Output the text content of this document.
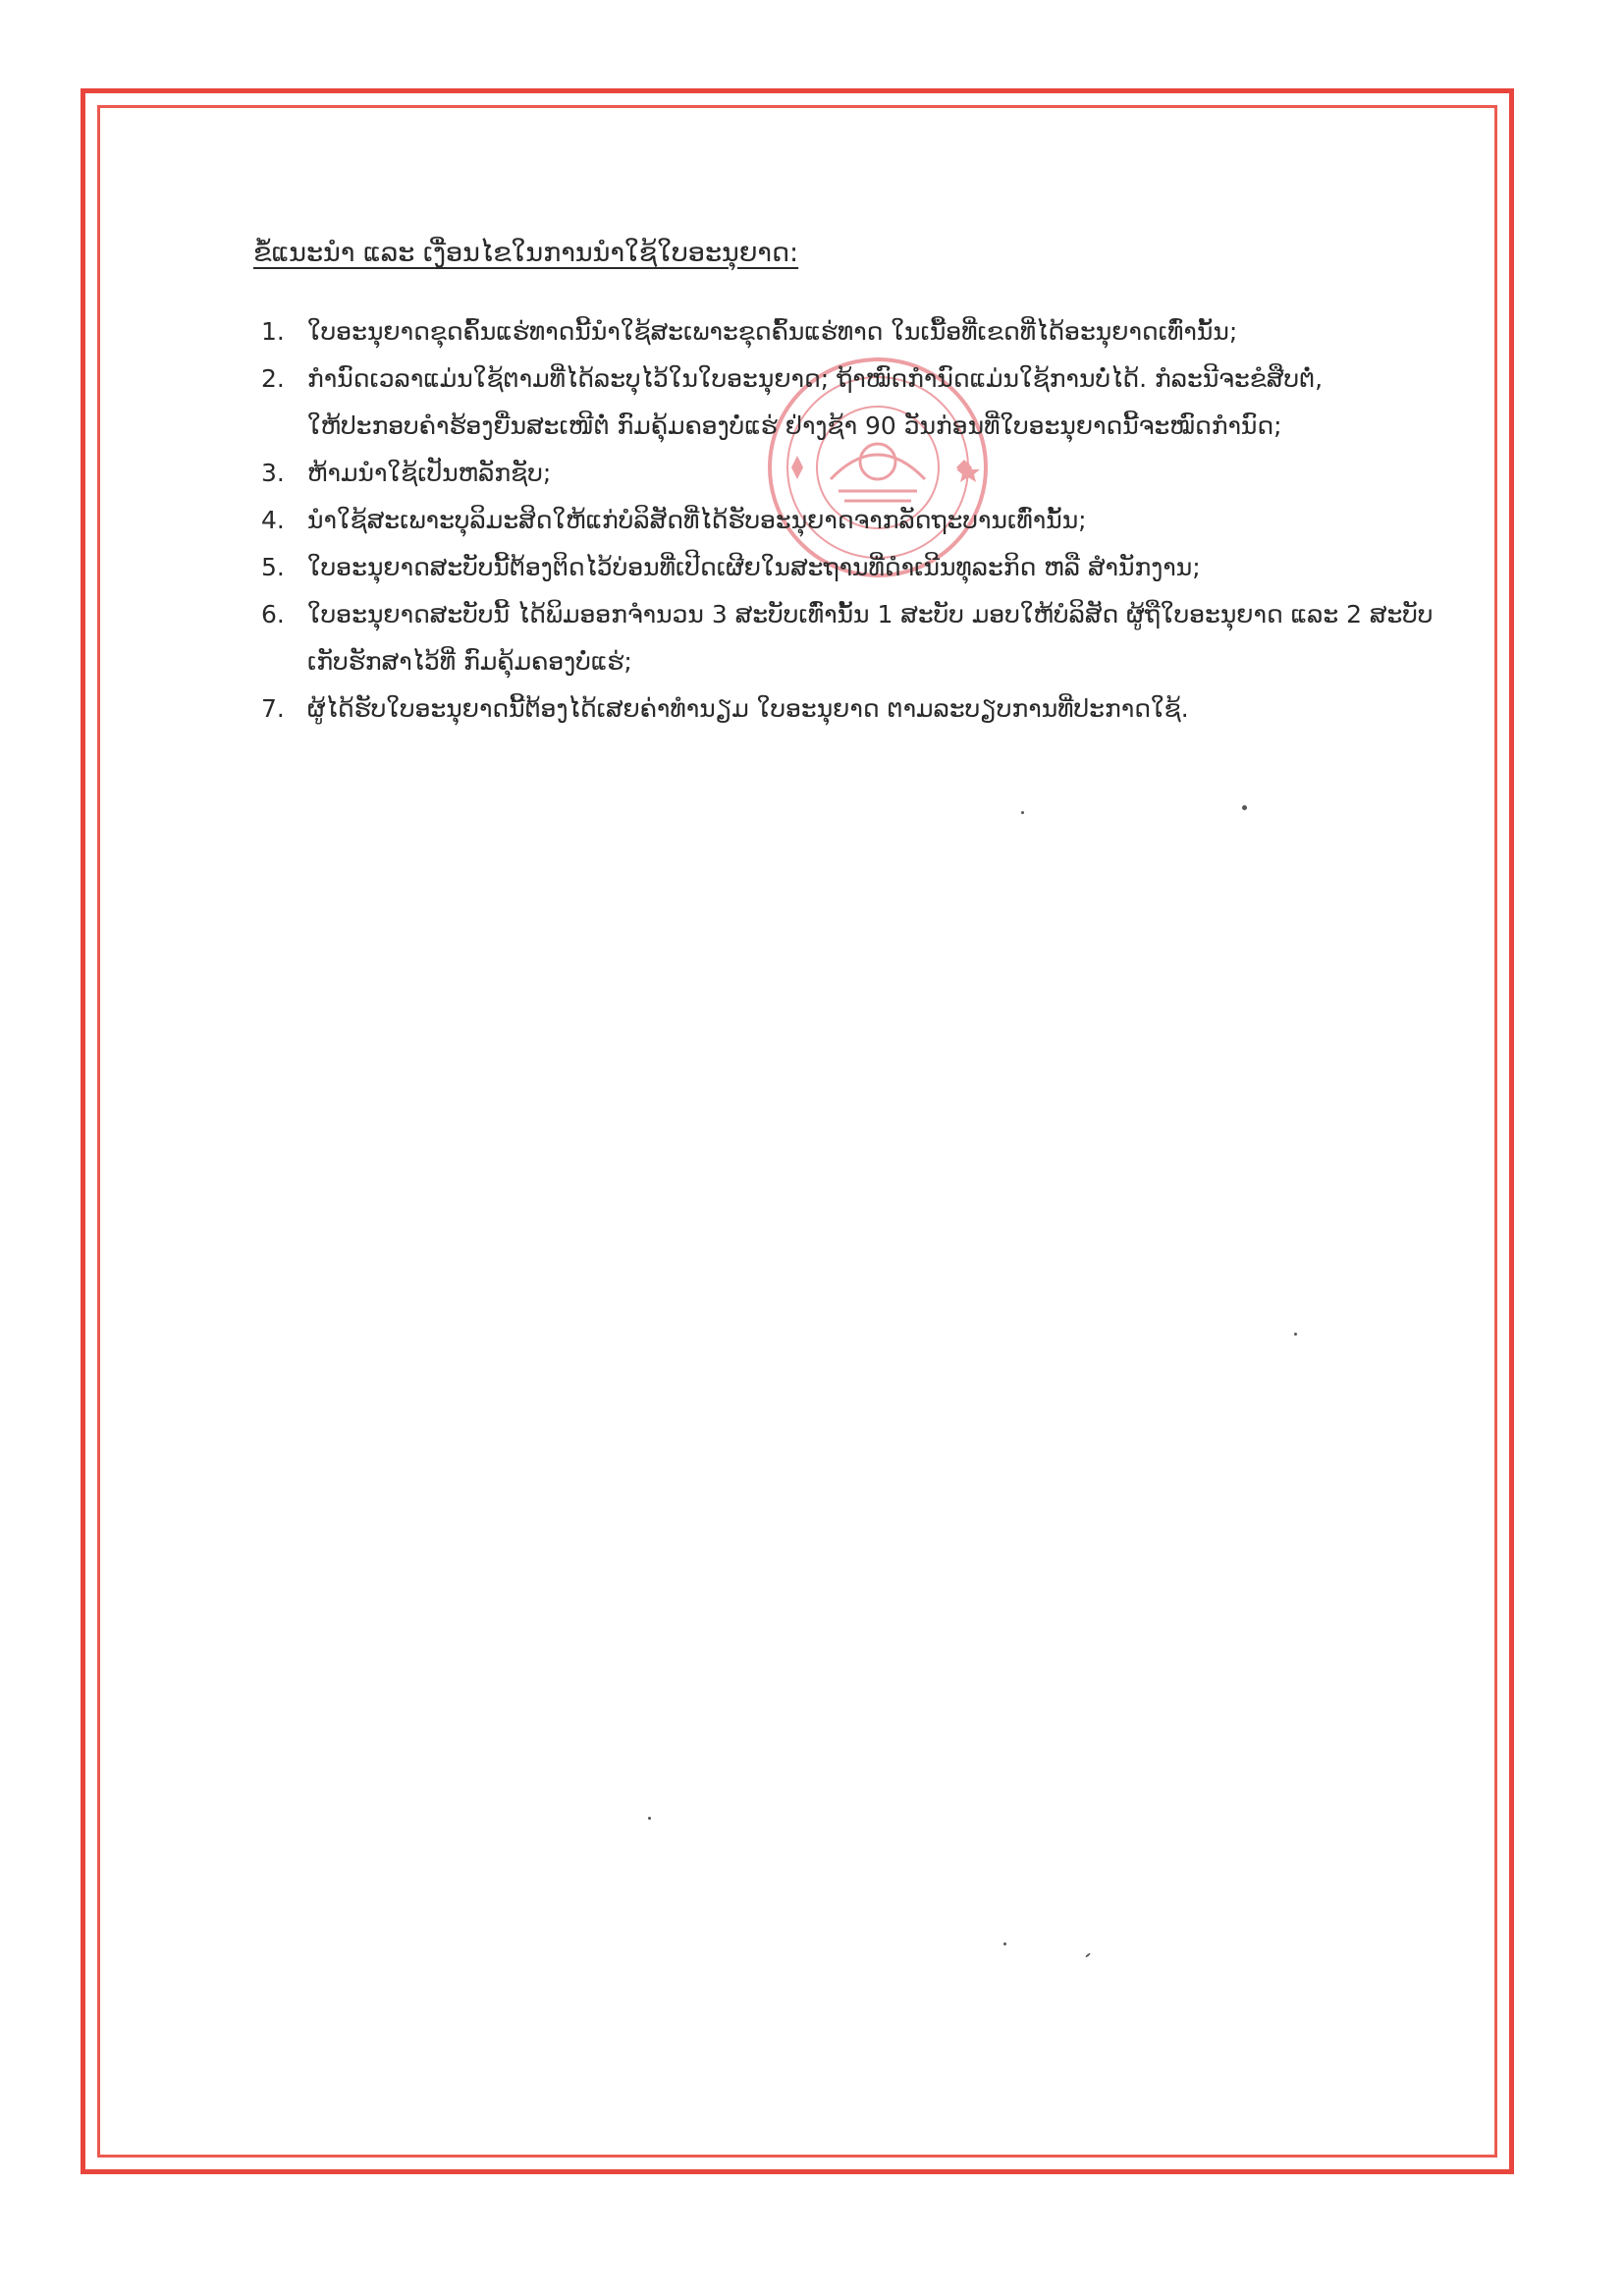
ຂໍ້ແນະນໍາ ແລະ ເງື່ອນໄຂໃນການນໍາໃຊ້ໃບອະນຸຍາດ:
1. ໃບອະນຸຍາດຂຸດຄົ້ນແຮ່ທາດນີ້ນໍາໃຊ້ສະເພາະຂຸດຄົ້ນແຮ່ທາດ ໃນເນື້ອທີ່ເຂດທີ່ໄດ້ອະນຸຍາດເທົ່ານັ້ນ;
2. ກໍານົດເວລາແມ່ນໃຊ້ຕາມທີ່ໄດ້ລະບຸໄວ້ໃນໃບອະນຸຍາດ; ຖ້າໝົດກໍານົດແມ່ນໃຊ້ການບໍ່ໄດ້. ກໍລະນີຈະຂໍສືບຕໍ່,
ໃຫ້ປະກອບຄໍາຮ້ອງຍື່ນສະເໜີຕໍ່ ກົມຄຸ້ມຄອງບໍ່ແຮ່ ຢ່າງຊ້າ 90 ວັນກ່ອນທີ່ໃບອະນຸຍາດນີ້ຈະໝົດກໍານົດ;
3. ຫ້າມນໍາໃຊ້ເປັນຫລັກຊັບ;
4. ນໍາໃຊ້ສະເພາະບຸລິມະສິດໃຫ້ແກ່ບໍລິສັດທີ່ໄດ້ຮັບອະນຸຍາດຈາກລັດຖະບານເທົ່ານັ້ນ;
5. ໃບອະນຸຍາດສະບັບນີ້ຕ້ອງຕິດໄວ້ບ່ອນທີ່ເປີດເຜີຍໃນສະຖານທີ່ດໍາເນີນທຸລະກິດ ຫລື ສໍານັກງານ;
6. ໃບອະນຸຍາດສະບັບນີ້ ໄດ້ພິມອອກຈໍານວນ 3 ສະບັບເທົ່ານັ້ນ 1 ສະບັບ ມອບໃຫ້ບໍລິສັດ ຜູ້ຖືໃບອະນຸຍາດ ແລະ 2 ສະບັບ
ເກັບຮັກສາໄວ້ທີ່ ກົມຄຸ້ມຄອງບໍ່ແຮ່;
7. ຜູ້ໄດ້ຮັບໃບອະນຸຍາດນີ້ຕ້ອງໄດ້ເສຍຄ່າທໍານຽມ ໃບອະນຸຍາດ ຕາມລະບຽບການທີ່ປະກາດໃຊ້.
